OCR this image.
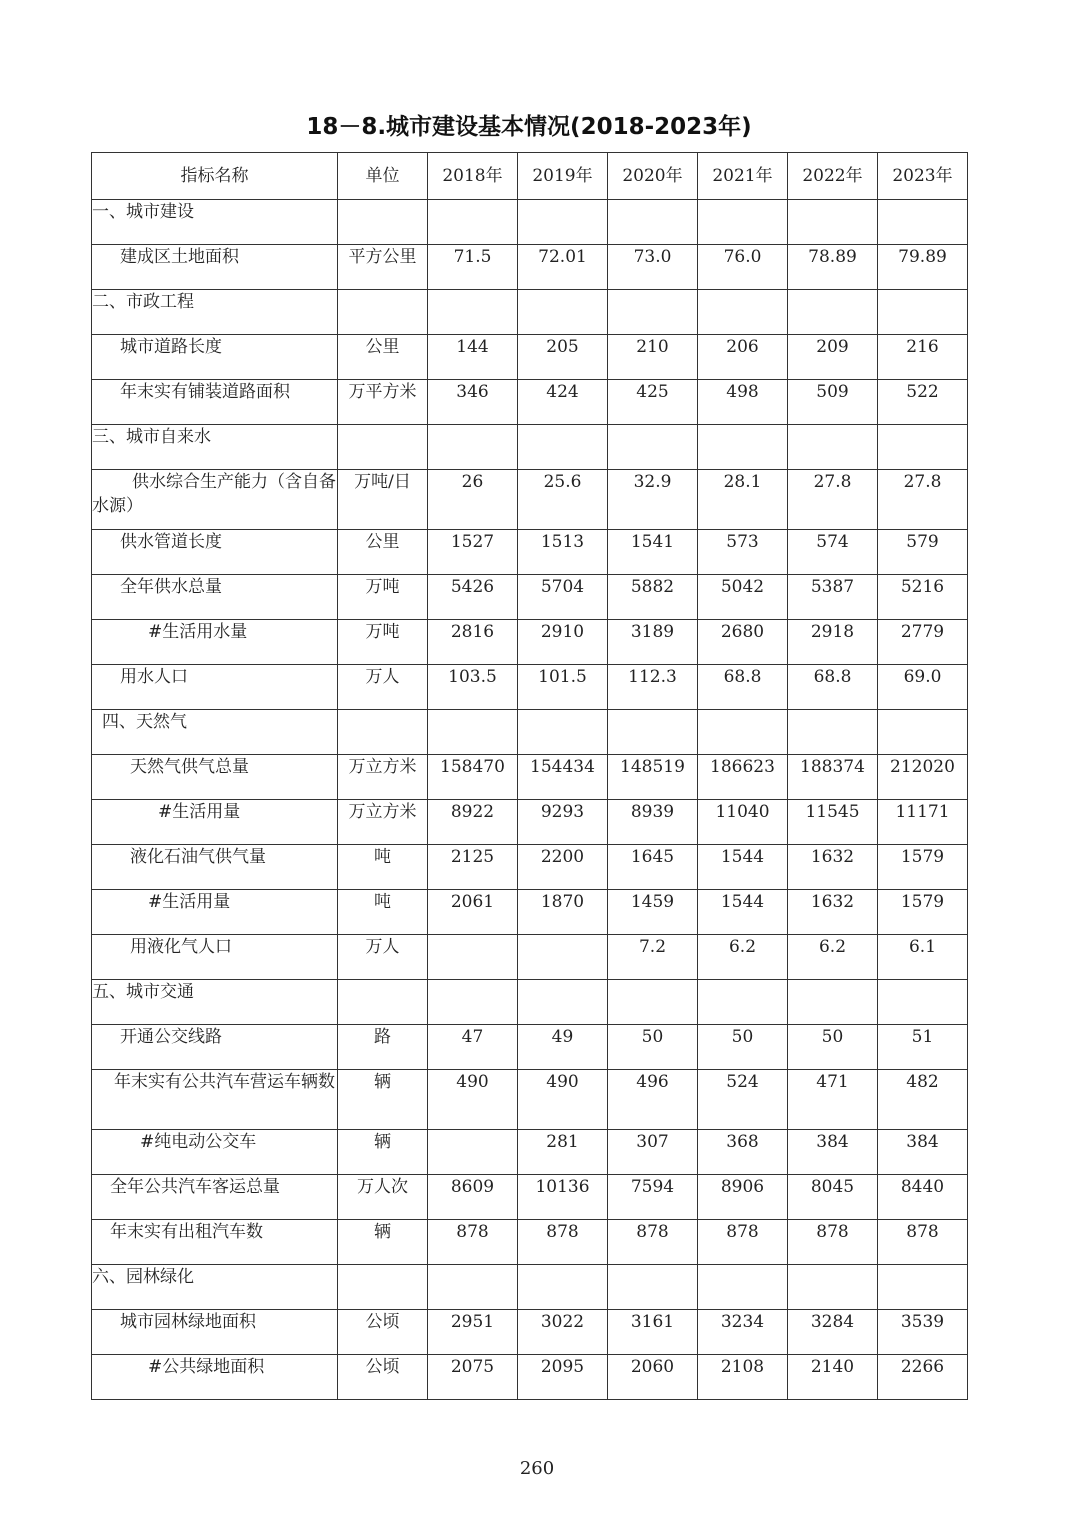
18－8.城市建设基本情况(2018-2023年)
指标名称	单位	2018年	2019年	2020年	2021年	2022年	2023年

一、城市建设							

建成区土地面积	平方公里	71.5	72.01	73.0	76.0	78.89	79.89

二、市政工程							

城市道路长度	公里	144	205	210	206	209	216

年末实有铺装道路面积	万平方米	346	424	425	498	509	522

三、城市自来水							

供水综合生产能力（含自备水源）	万吨/日	26	25.6	32.9	28.1	27.8	27.8

供水管道长度	公里	1527	1513	1541	573	574	579

全年供水总量	万吨	5426	5704	5882	5042	5387	5216

#生活用水量	万吨	2816	2910	3189	2680	2918	2779

用水人口	万人	103.5	101.5	112.3	68.8	68.8	69.0

四、天然气							

天然气供气总量	万立方米	158470	154434	148519	186623	188374	212020

#生活用量	万立方米	8922	9293	8939	11040	11545	11171

液化石油气供气量	吨	2125	2200	1645	1544	1632	1579

#生活用量	吨	2061	1870	1459	1544	1632	1579

用液化气人口	万人			7.2	6.2	6.2	6.1

五、城市交通							

开通公交线路	路	47	49	50	50	50	51

年末实有公共汽车营运车辆数	辆	490	490	496	524	471	482

#纯电动公交车	辆		281	307	368	384	384

全年公共汽车客运总量	万人次	8609	10136	7594	8906	8045	8440

年末实有出租汽车数	辆	878	878	878	878	878	878

六、园林绿化							

城市园林绿地面积	公顷	2951	3022	3161	3234	3284	3539

#公共绿地面积	公顷	2075	2095	2060	2108	2140	2266
260
